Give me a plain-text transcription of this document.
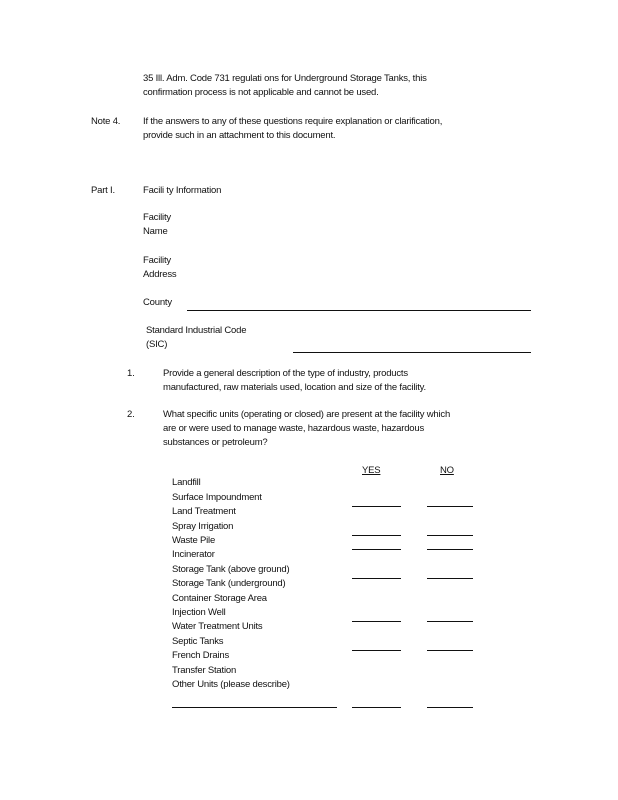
35 Ill. Adm. Code 731 regulati ons for Underground Storage Tanks, this
confirmation process is not applicable and cannot be used.
Note 4. If the answers to any of these questions require explanation or clarification,
provide such in an attachment to this document.
Part I.	Facili ty Information
Facility
Name
Facility
Address
County
Standard Industrial Code
(SIC)
1.	Provide a general description of the type of industry, products
manufactured, raw materials used, location and size of the facility.
2.	What specific units (operating or closed) are present at the facility which
are or were used to manage waste, hazardous waste, hazardous
substances or petroleum?
YES	NO
Landfill
Surface Impoundment
Land Treatment
Spray Irrigation
Waste Pile
Incinerator
Storage Tank (above ground)
Storage Tank (underground)
Container Storage Area
Injection Well
Water Treatment Units
Septic Tanks
French Drains
Transfer Station
Other Units (please describe)
